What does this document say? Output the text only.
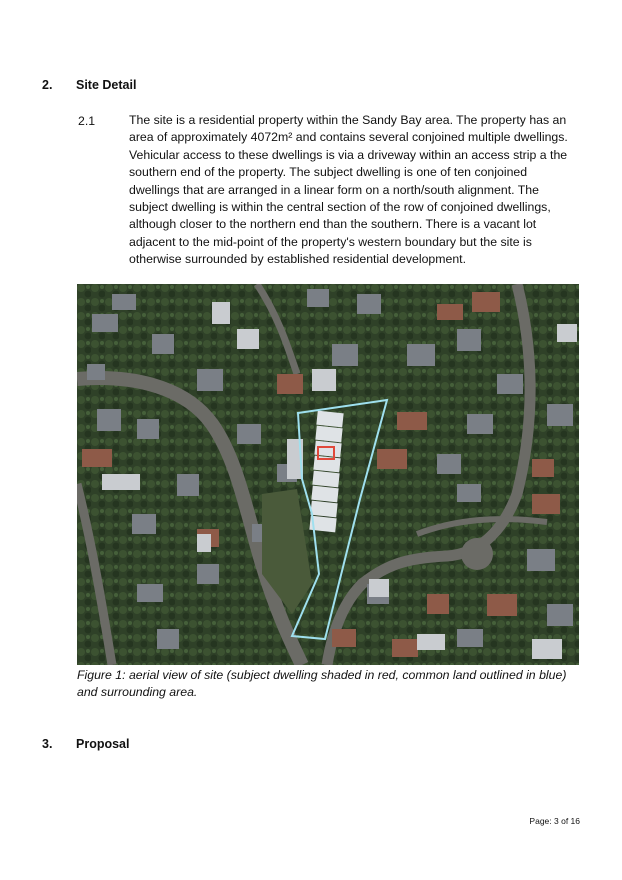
2. Site Detail
2.1	The site is a residential property within the Sandy Bay area. The property has an area of approximately 4072m² and contains several conjoined multiple dwellings. Vehicular access to these dwellings is via a driveway within an access strip a the southern end of the property. The subject dwelling is one of ten conjoined dwellings that are arranged in a linear form on a north/south alignment. The subject dwelling is within the central section of the row of conjoined dwellings, although closer to the northern end than the southern. There is a vacant lot adjacent to the mid-point of the property's western boundary but the site is otherwise surrounded by established residential development.
Figure 1: aerial view of site (subject dwelling shaded in red, common land outlined in blue) and surrounding area.
3. Proposal
Page: 3 of 16
